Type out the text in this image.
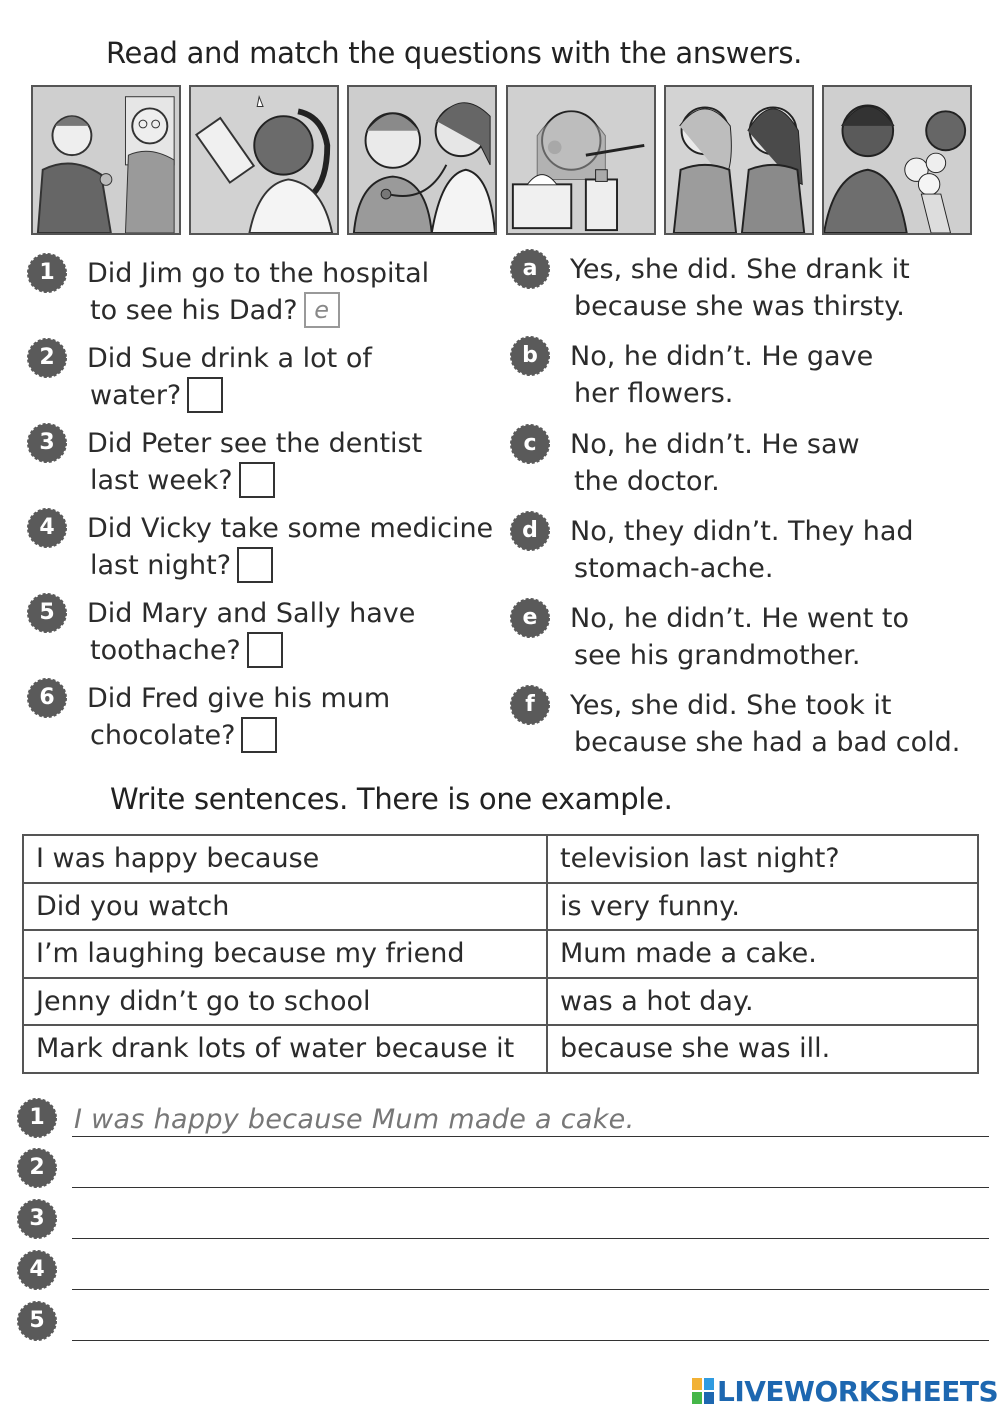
Read and match the questions with the answers.
1	Did Jim go to the hospital
to see his Dad? e
2	Did Sue drink a lot of
water?
3	Did Peter see the dentist
last week?
4	Did Vicky take some medicine
last night?
5	Did Mary and Sally have
toothache?
6	Did Fred give his mum
chocolate?
a	Yes, she did. She drank it
because she was thirsty.
b	No, he didn’t. He gave
her flowers.
c	No, he didn’t. He saw
the doctor.
d	No, they didn’t. They had
stomach-ache.
e	No, he didn’t. He went to
see his grandmother.
f	Yes, she did. She took it
because she had a bad cold.
Write sentences. There is one example.
I was happy because	television last night?
Did you watch	is very funny.
I’m laughing because my friend	Mum made a cake.
Jenny didn’t go to school	was a hot day.
Mark drank lots of water because it	because she was ill.
1	I was happy because Mum made a cake.
2
3
4
5
LIVEWORKSHEETS
